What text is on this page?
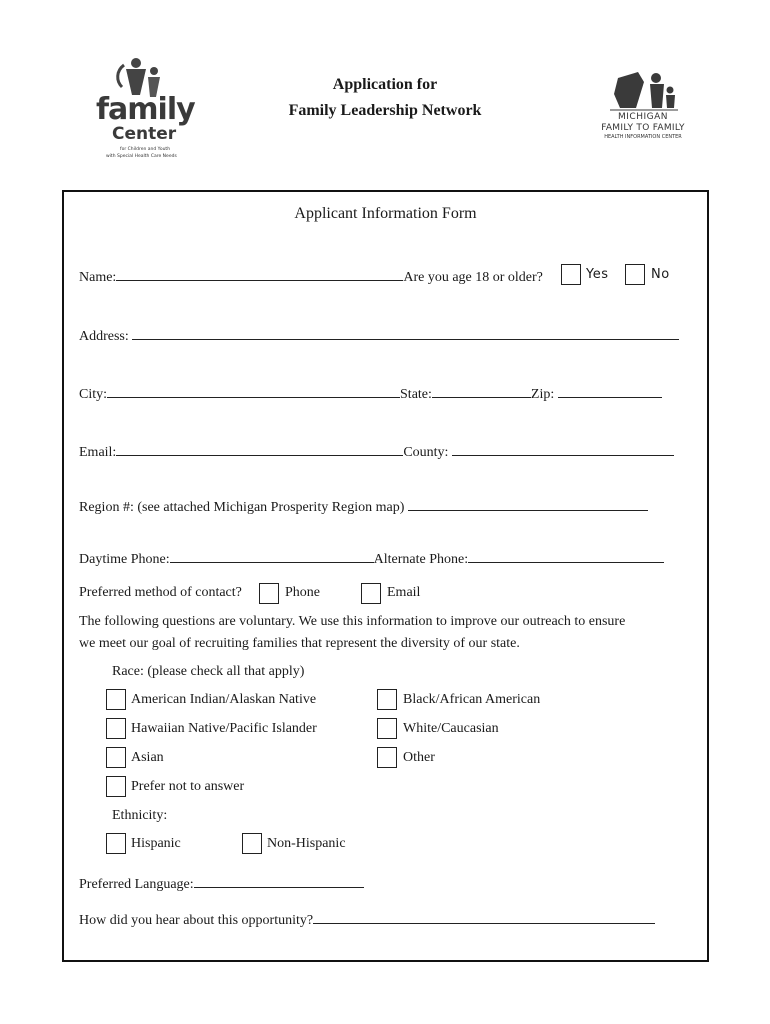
Application for
Family Leadership Network
family
Center
for Children and Youth
with Special Health Care Needs
MICHIGAN
FAMILY TO FAMILY
HEALTH INFORMATION CENTER
Applicant Information Form
Name:	Are you age 18 or older?	Yes	No
Address:
City:	State:	Zip:
Email:	County:
Region #: (see attached Michigan Prosperity Region map)
Daytime Phone:	Alternate Phone:
Preferred method of contact?	Phone	Email
The following questions are voluntary. We use this information to improve our outreach to ensure
we meet our goal of recruiting families that represent the diversity of our state.
Race: (please check all that apply)
American Indian/Alaskan Native	Black/African American
Hawaiian Native/Pacific Islander	White/Caucasian
Asian	Other
Prefer not to answer
Ethnicity:
Hispanic	Non-Hispanic
Preferred Language:
How did you hear about this opportunity?
